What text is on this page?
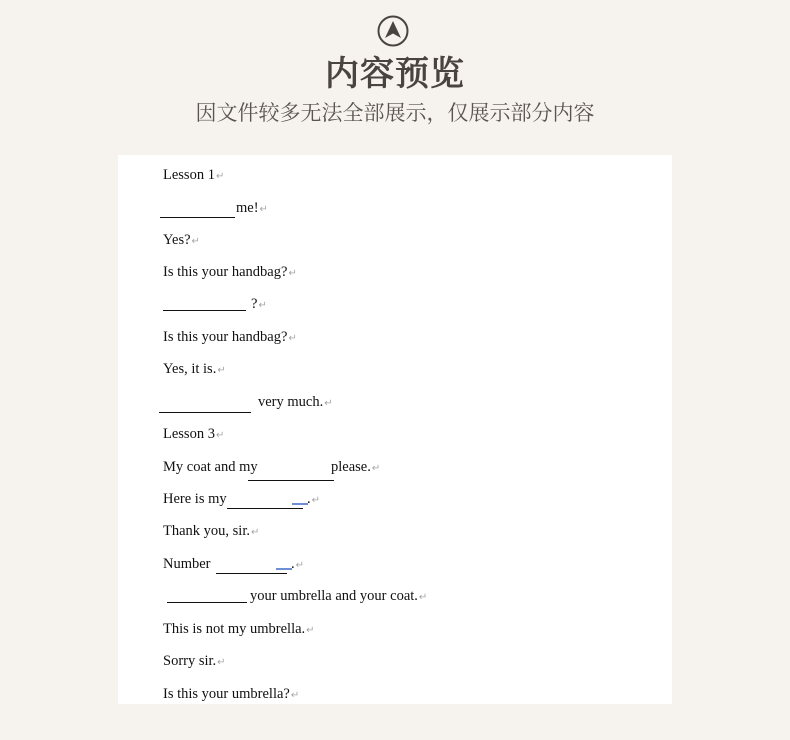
内容预览
因文件较多无法全部展示，仅展示部分内容
Lesson 1↵
me!↵
Yes?↵
Is this your handbag?↵
?↵
Is this your handbag?↵
Yes, it is.↵
very much.↵
Lesson 3↵
My coat and my	please.↵
Here is my	.↵
Thank you, sir.↵
Number	.↵
your umbrella and your coat.↵
This is not my umbrella.↵
Sorry sir.↵
Is this your umbrella?↵
